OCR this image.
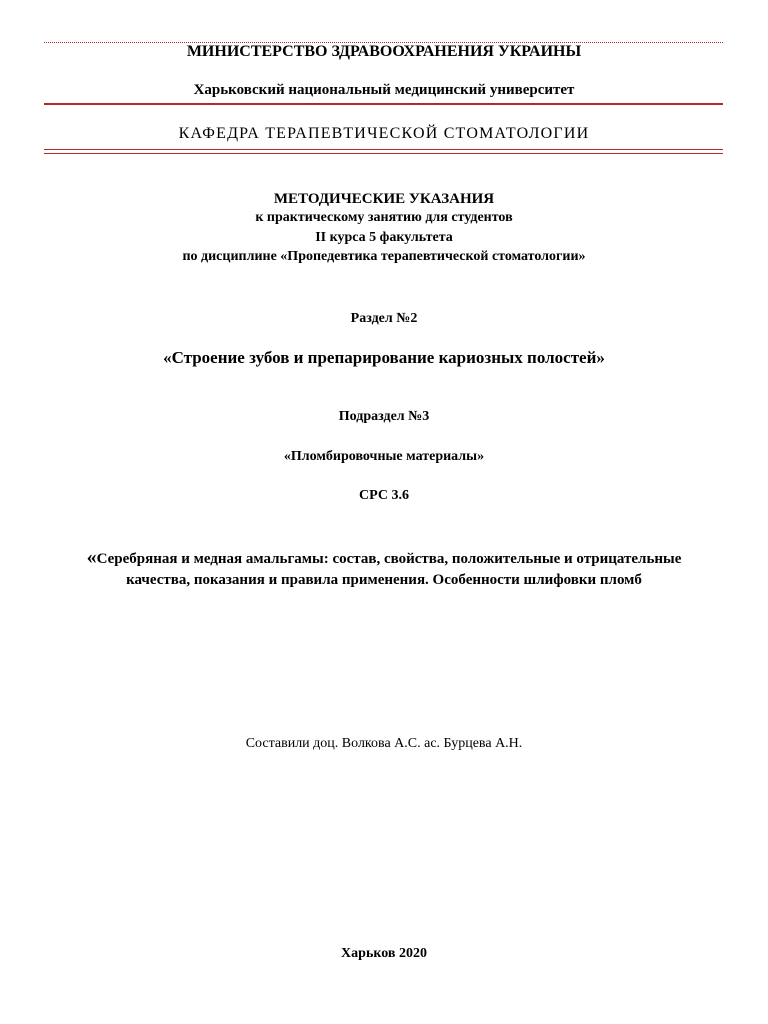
МИНИСТЕРСТВО ЗДРАВООХРАНЕНИЯ УКРАИНЫ
Харьковский национальный медицинский университет
КАФЕДРА ТЕРАПЕВТИЧЕСКОЙ СТОМАТОЛОГИИ
МЕТОДИЧЕСКИЕ УКАЗАНИЯ
к практическому занятию для студентов
II курса 5 факультета
по дисциплине «Пропедевтика терапевтической стоматологии»
Раздел №2
«Строение зубов и препарирование кариозных полостей»
Подраздел №3
«Пломбировочные материалы»
СРС 3.6
«Серебряная и медная амальгамы: состав, свойства, положительные и отрицательные качества, показания и правила применения. Особенности шлифовки пломб
Составили доц. Волкова А.С. ас. Бурцева А.Н.
Харьков 2020
